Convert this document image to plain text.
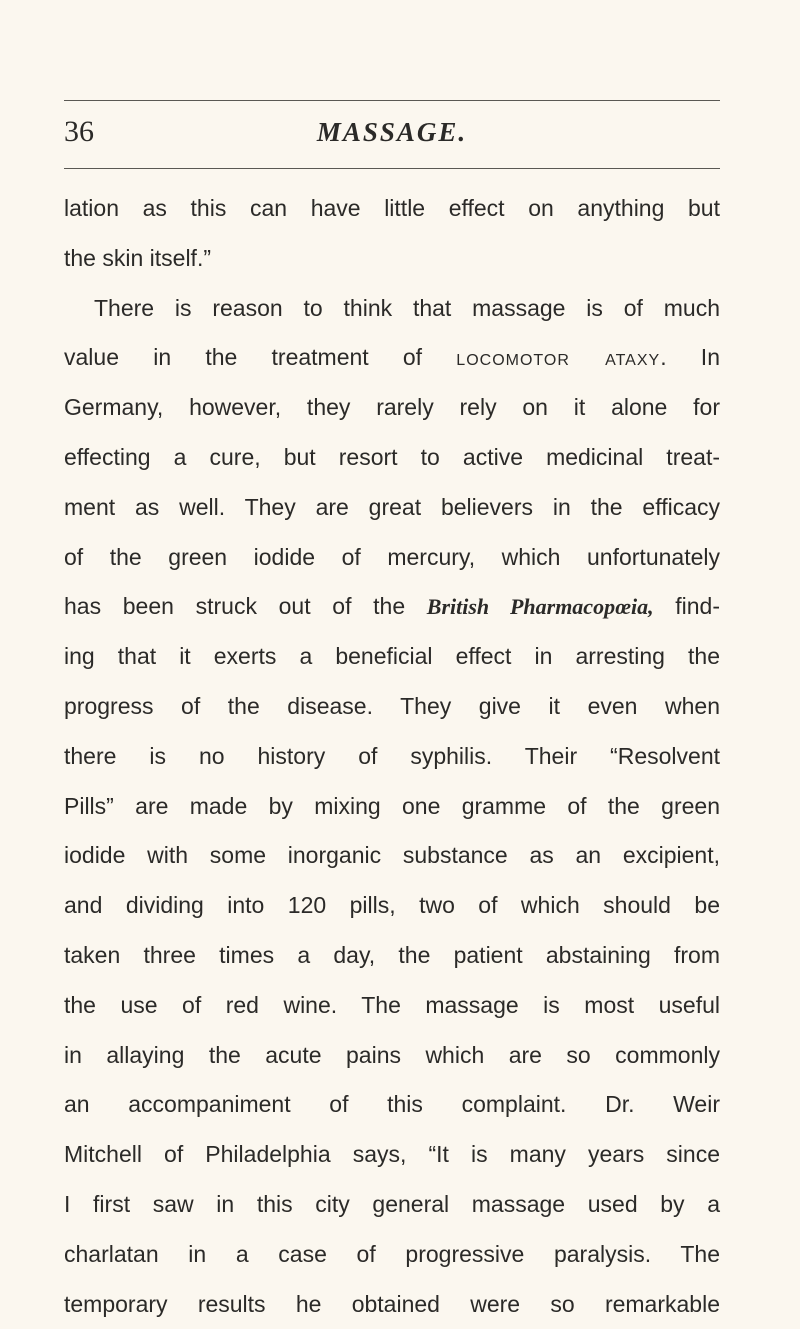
36	MASSAGE.
lation as this can have little effect on anything but
the skin itself.”
There is reason to think that massage is of much
value in the treatment of locomotor ataxy. In
Germany, however, they rarely rely on it alone for
effecting a cure, but resort to active medicinal treat-
ment as well. They are great believers in the efficacy
of the green iodide of mercury, which unfortunately
has been struck out of the British Pharmacopœia, find-
ing that it exerts a beneficial effect in arresting the
progress of the disease. They give it even when
there is no history of syphilis. Their “Resolvent
Pills” are made by mixing one gramme of the green
iodide with some inorganic substance as an excipient,
and dividing into 120 pills, two of which should be
taken three times a day, the patient abstaining from
the use of red wine. The massage is most useful
in allaying the acute pains which are so commonly
an accompaniment of this complaint. Dr. Weir
Mitchell of Philadelphia says, “It is many years since
I first saw in this city general massage used by a
charlatan in a case of progressive paralysis. The
temporary results he obtained were so remarkable
